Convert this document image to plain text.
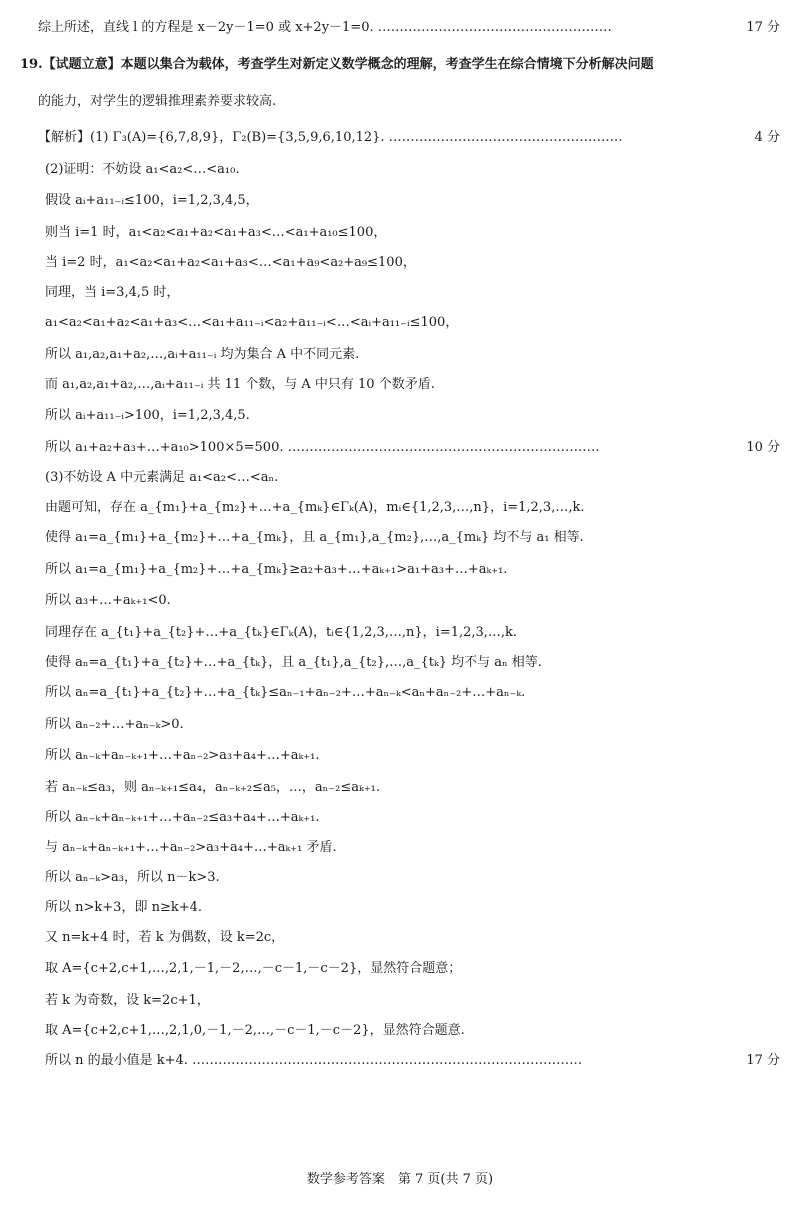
综上所述，直线 l 的方程是 x－2y－1=0 或 x+2y－1=0. ………………………………………………	17 分
19.【试题立意】本题以集合为载体，考查学生对新定义数学概念的理解，考查学生在综合情境下分析解决问题
的能力，对学生的逻辑推理素养要求较高.
【解析】(1) Γ₃(A)={6,7,8,9}，Γ₂(B)={3,5,9,6,10,12}. ………………………………………………	4 分
(2)证明：不妨设 a₁<a₂<…<a₁₀.
假设 aᵢ+a₁₁₋ᵢ≤100，i=1,2,3,4,5，
则当 i=1 时，a₁<a₂<a₁+a₂<a₁+a₃<…<a₁+a₁₀≤100，
当 i=2 时，a₁<a₂<a₁+a₂<a₁+a₃<…<a₁+a₉<a₂+a₉≤100，
同理，当 i=3,4,5 时，
a₁<a₂<a₁+a₂<a₁+a₃<…<a₁+a₁₁₋ᵢ<a₂+a₁₁₋ᵢ<…<aᵢ+a₁₁₋ᵢ≤100，
所以 a₁,a₂,a₁+a₂,…,aᵢ+a₁₁₋ᵢ 均为集合 A 中不同元素.
而 a₁,a₂,a₁+a₂,…,aᵢ+a₁₁₋ᵢ 共 11 个数，与 A 中只有 10 个数矛盾.
所以 aᵢ+a₁₁₋ᵢ>100，i=1,2,3,4,5.
所以 a₁+a₂+a₃+…+a₁₀>100×5=500. ………………………………………………………………	10 分
(3)不妨设 A 中元素满足 a₁<a₂<…<aₙ.
由题可知，存在 a_{m₁}+a_{m₂}+…+a_{mₖ}∈Γₖ(A)，mᵢ∈{1,2,3,…,n}，i=1,2,3,…,k.
使得 a₁=a_{m₁}+a_{m₂}+…+a_{mₖ}，且 a_{m₁},a_{m₂},…,a_{mₖ} 均不与 a₁ 相等.
所以 a₁=a_{m₁}+a_{m₂}+…+a_{mₖ}≥a₂+a₃+…+aₖ₊₁>a₁+a₃+…+aₖ₊₁.
所以 a₃+…+aₖ₊₁<0.
同理存在 a_{t₁}+a_{t₂}+…+a_{tₖ}∈Γₖ(A)，tᵢ∈{1,2,3,…,n}，i=1,2,3,…,k.
使得 aₙ=a_{t₁}+a_{t₂}+…+a_{tₖ}，且 a_{t₁},a_{t₂},…,a_{tₖ} 均不与 aₙ 相等.
所以 aₙ=a_{t₁}+a_{t₂}+…+a_{tₖ}≤aₙ₋₁+aₙ₋₂+…+aₙ₋ₖ<aₙ+aₙ₋₂+…+aₙ₋ₖ.
所以 aₙ₋₂+…+aₙ₋ₖ>0.
所以 aₙ₋ₖ+aₙ₋ₖ₊₁+…+aₙ₋₂>a₃+a₄+…+aₖ₊₁.
若 aₙ₋ₖ≤a₃，则 aₙ₋ₖ₊₁≤a₄，aₙ₋ₖ₊₂≤a₅，…，aₙ₋₂≤aₖ₊₁.
所以 aₙ₋ₖ+aₙ₋ₖ₊₁+…+aₙ₋₂≤a₃+a₄+…+aₖ₊₁.
与 aₙ₋ₖ+aₙ₋ₖ₊₁+…+aₙ₋₂>a₃+a₄+…+aₖ₊₁ 矛盾.
所以 aₙ₋ₖ>a₃，所以 n－k>3.
所以 n>k+3，即 n≥k+4.
又 n=k+4 时，若 k 为偶数，设 k=2c，
取 A={c+2,c+1,…,2,1,－1,－2,…,－c－1,－c－2}，显然符合题意；
若 k 为奇数，设 k=2c+1，
取 A={c+2,c+1,…,2,1,0,－1,－2,…,－c－1,－c－2}，显然符合题意.
所以 n 的最小值是 k+4. ………………………………………………………………………………	17 分
数学参考答案　第 7 页(共 7 页)
